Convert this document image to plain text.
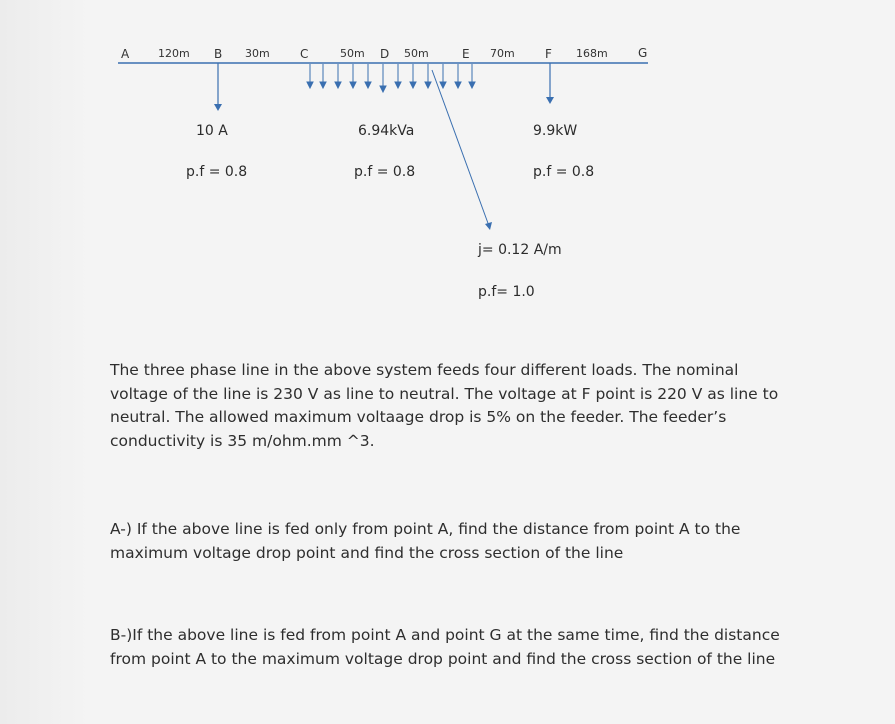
A	B	C	D	E	F	G
120m	30m	50m	50m	70m	168m
10 A
p.f = 0.8
6.94kVa
p.f = 0.8
9.9kW
p.f = 0.8
j= 0.12 A/m
p.f= 1.0
The three phase line in the above system feeds four different loads. The nominal voltage of the line is 230 V as line to neutral. The voltage at F point is 220 V as line to neutral. The allowed maximum voltaage drop is 5% on the feeder. The feeder’s conductivity is 35 m/ohm.mm ^3.
A-) If the above line is fed only from point A, find the distance from point A to the maximum voltage drop point and find the cross section of the line
B-)If the above line is fed from point A and point G at the same time, find the distance from point A to the maximum voltage drop point and find the cross section of the line
